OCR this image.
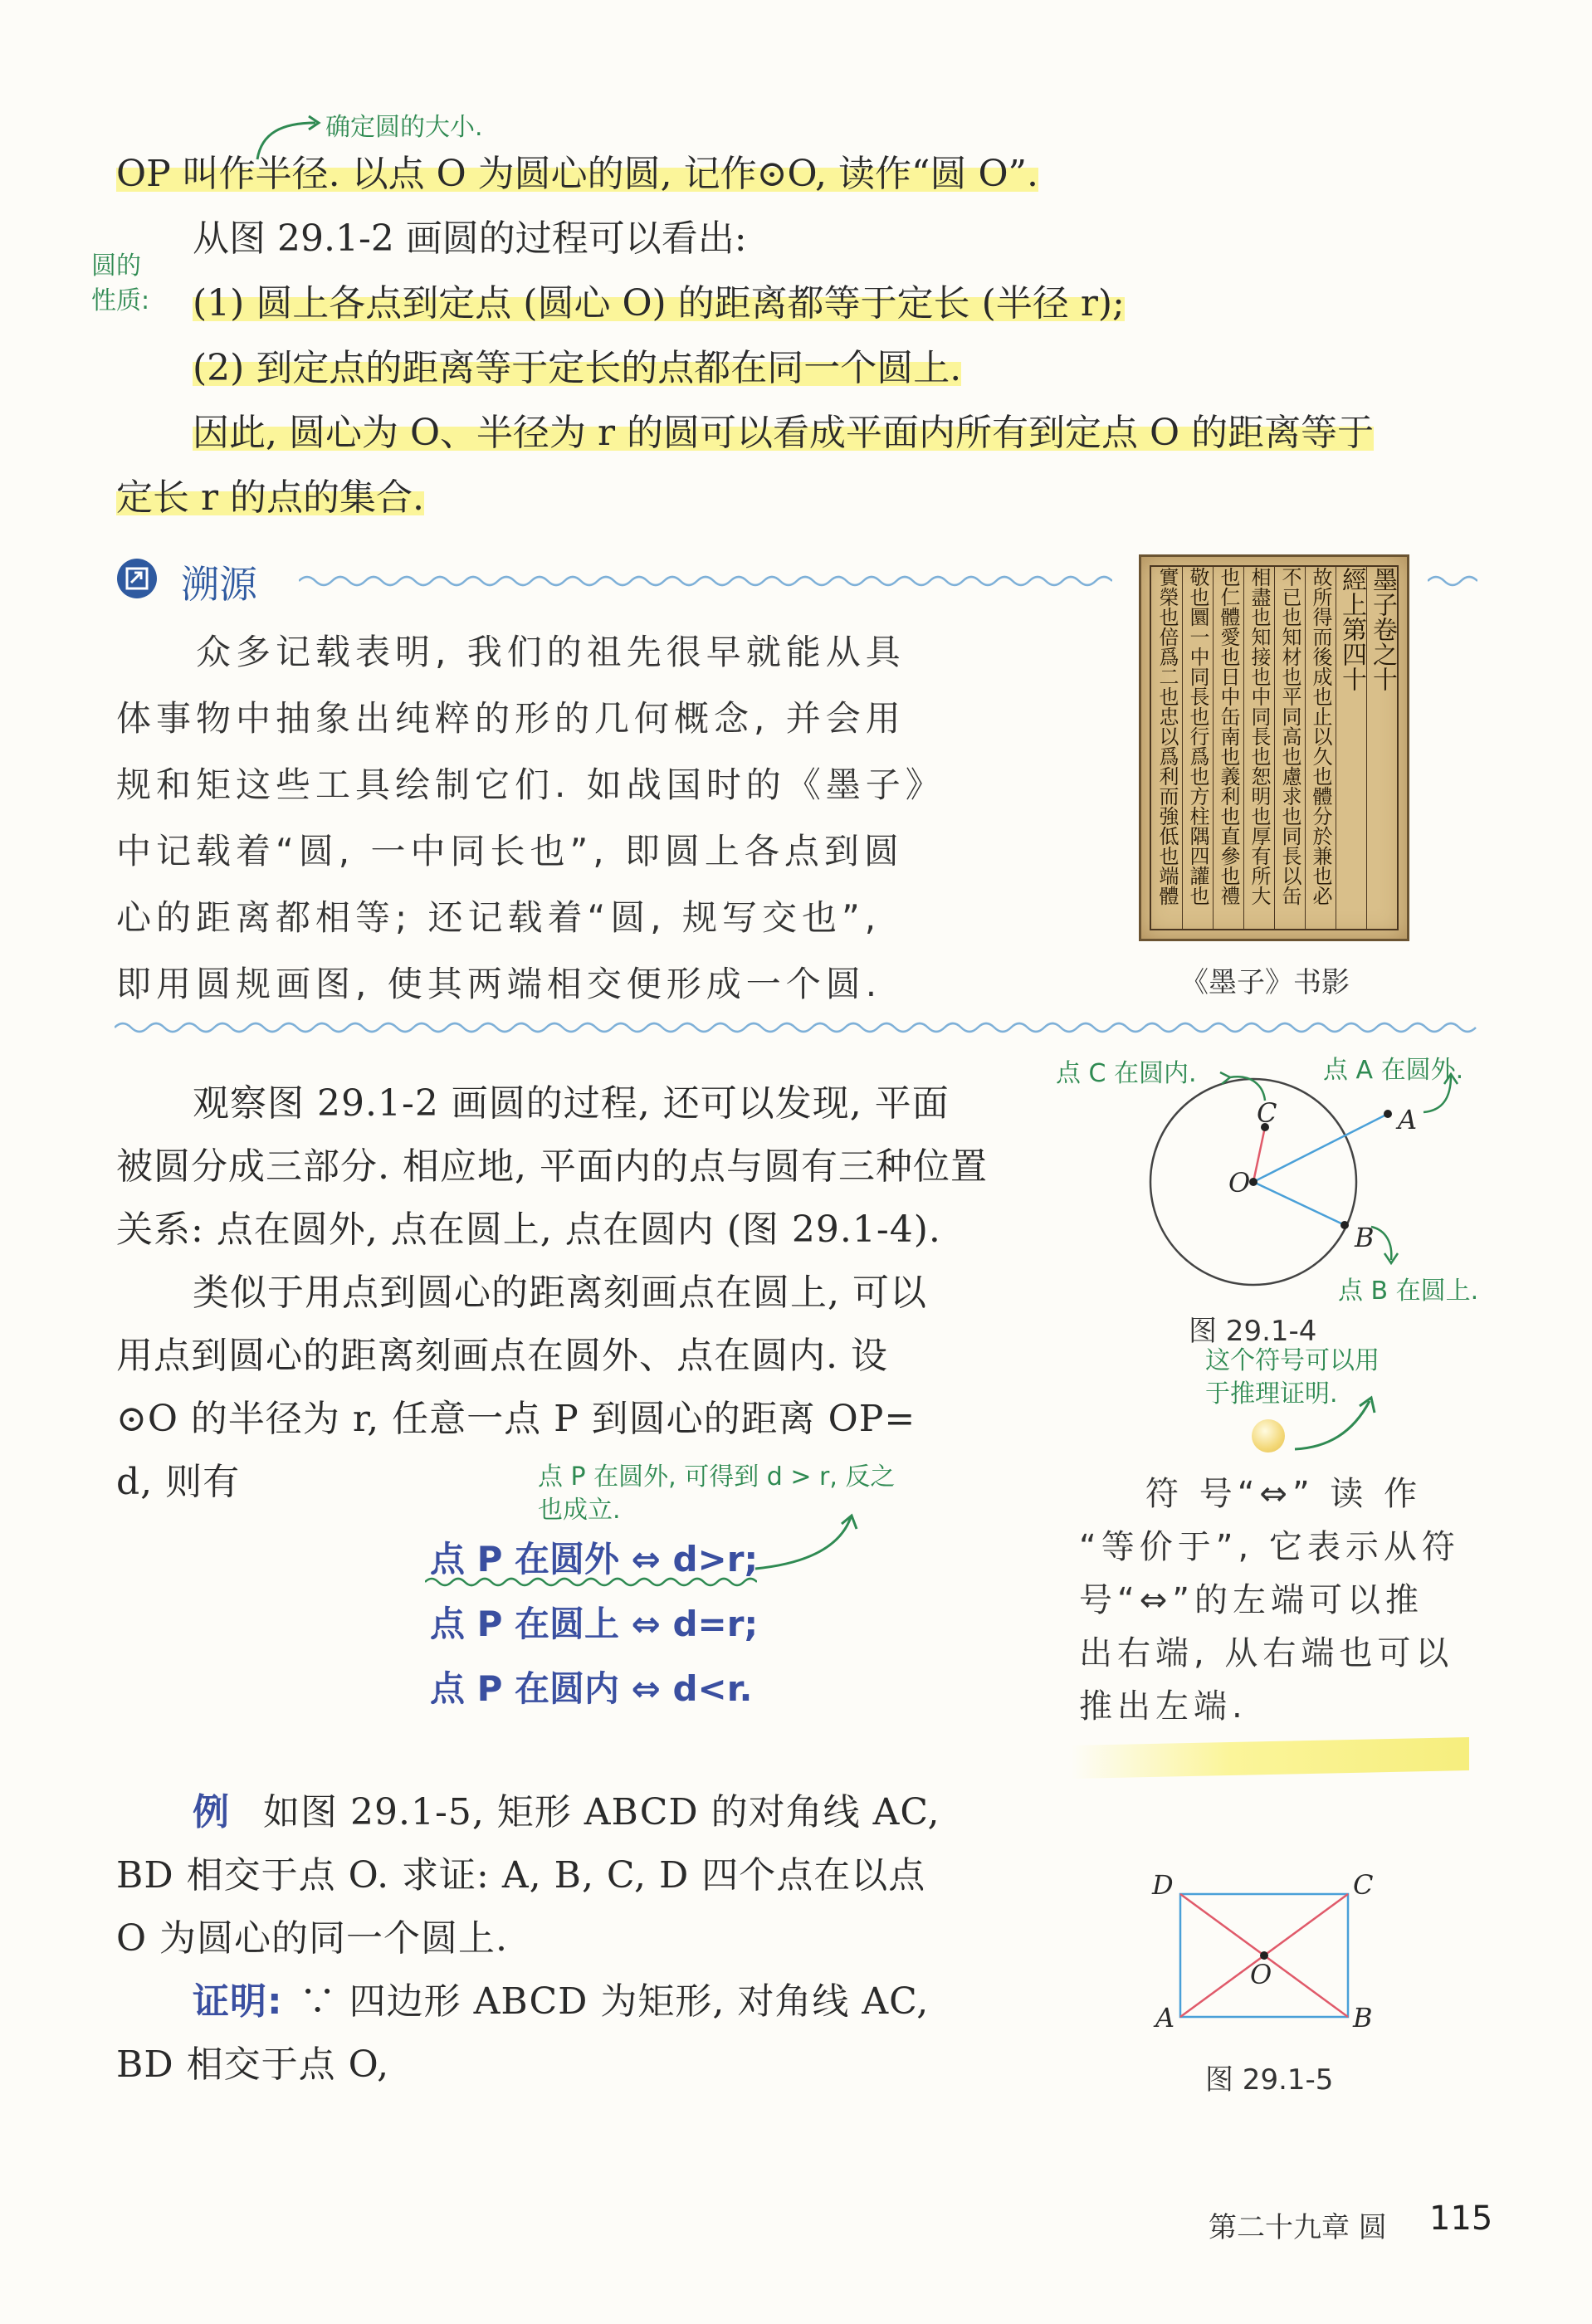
确定圆的大小.
OP 叫作半径. 以点 O 为圆心的圆, 记作⊙O, 读作“圆 O”.
从图 29.1-2 画圆的过程可以看出:
圆的
性质: (1) 圆上各点到定点 (圆心 O) 的距离都等于定长 (半径 r);
(2) 到定点的距离等于定长的点都在同一个圆上.
因此, 圆心为 O、半径为 r 的圆可以看成平面内所有到定点 O 的距离等于
定长 r 的点的集合.
溯源
众多记载表明, 我们的祖先很早就能从具
体事物中抽象出纯粹的形的几何概念, 并会用
规和矩这些工具绘制它们. 如战国时的《墨子》
中记载着“圆, 一中同长也”, 即圆上各点到圆
心的距离都相等; 还记载着“圆, 规写交也”,
即用圆规画图, 使其两端相交便形成一个圆.
墨子卷之十
經上第四十
故所得而後成也止以久也體分於兼也必
不已也知材也平同高也慮求也同長以缶
相盡也知接也中同長也恕明也厚有所大
也仁體愛也日中缶南也義利也直參也禮
敬也圜一中同長也行爲也方柱隅四讙也
實榮也倍爲二也忠以爲利而強低也端體
《墨子》书影
观察图 29.1-2 画圆的过程, 还可以发现, 平面
被圆分成三部分. 相应地, 平面内的点与圆有三种位置
关系: 点在圆外, 点在圆上, 点在圆内 (图 29.1-4).
类似于用点到圆心的距离刻画点在圆上, 可以
用点到圆心的距离刻画点在圆外、点在圆内. 设
⊙O 的半径为 r, 任意一点 P 到圆心的距离 OP=
d, 则有	点 P 在圆外, 可得到 d > r, 反之
也成立.
点 P 在圆外 ⇔ d>r;
点 P 在圆上 ⇔ d=r;
点 P 在圆内 ⇔ d<r.
C	A
O
B
点 C 在圆内.	点 A 在圆外.
点 B 在圆上.
图 29.1-4
这个符号可以用
于推理证明.
符 号“⇔” 读 作
“等价于”, 它表示从符
号“⇔”的左端可以推
出右端, 从右端也可以
推出左端.
例 如图 29.1-5, 矩形 ABCD 的对角线 AC,
BD 相交于点 O. 求证: A, B, C, D 四个点在以点
O 为圆心的同一个圆上.
证明: ∵ 四边形 ABCD 为矩形, 对角线 AC,
BD 相交于点 O,
D	C
A	B
O
图 29.1-5
第二十九章 圆 115
